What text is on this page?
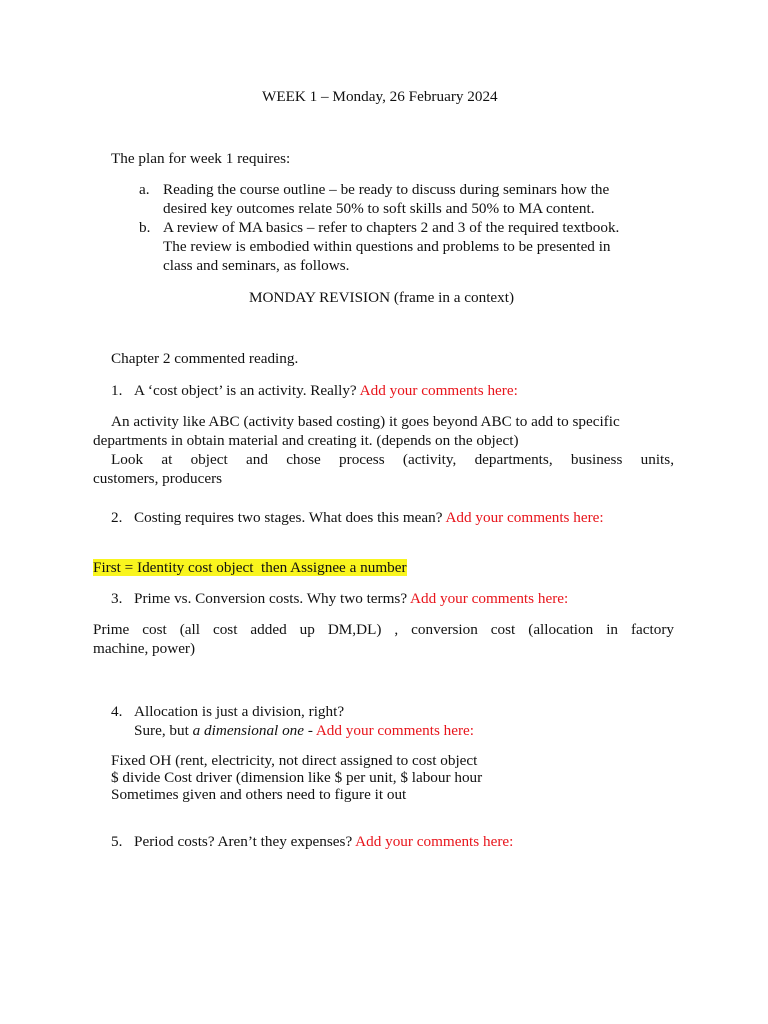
WEEK 1 – Monday, 26 February 2024
The plan for week 1 requires:
a. Reading the course outline – be ready to discuss during seminars how the
desired key outcomes relate 50% to soft skills and 50% to MA content.
b. A review of MA basics – refer to chapters 2 and 3 of the required textbook.
The review is embodied within questions and problems to be presented in
class and seminars, as follows.
MONDAY REVISION (frame in a context)
Chapter 2 commented reading.
1. A ‘cost object’ is an activity. Really? Add your comments here:
An activity like ABC (activity based costing) it goes beyond ABC to add to specific
departments in obtain material and creating it. (depends on the object)
Look at object and chose process (activity, departments, business units,
customers, producers
2. Costing requires two stages. What does this mean? Add your comments here:
First = Identity cost object  then Assignee a number
3. Prime vs. Conversion costs. Why two terms? Add your comments here:
Prime cost (all cost added up DM,DL) , conversion cost (allocation in factory
machine, power)
4. Allocation is just a division, right?
Sure, but a dimensional one - Add your comments here:
Fixed OH (rent, electricity, not direct assigned to cost object
$ divide Cost driver (dimension like $ per unit, $ labour hour
Sometimes given and others need to figure it out
5. Period costs? Aren’t they expenses? Add your comments here:
